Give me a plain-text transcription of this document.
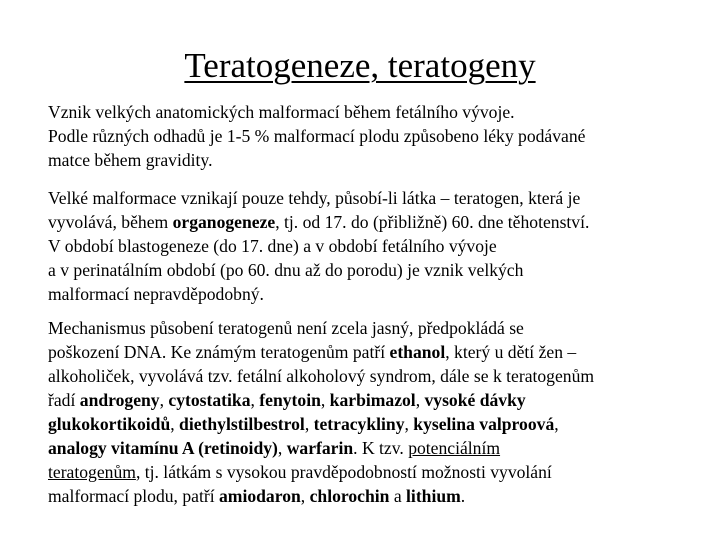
Teratogeneze, teratogeny
Vznik velkých anatomických malformací během fetálního vývoje.
Podle různých odhadů je 1-5 % malformací plodu způsobeno léky podávané
matce během gravidity.
Velké malformace vznikají pouze tehdy, působí-li látka – teratogen, která je
vyvolává, během organogeneze, tj. od 17. do (přibližně) 60. dne těhotenství.
V období blastogeneze (do 17. dne) a v období fetálního vývoje
a v perinatálním období (po 60. dnu až do porodu) je vznik velkých
malformací nepravděpodobný.
Mechanismus působení teratogenů není zcela jasný, předpokládá se
poškození DNA. Ke známým teratogenům patří ethanol, který u dětí žen –
alkoholiček, vyvolává tzv. fetální alkoholový syndrom, dále se k teratogenům
řadí androgeny, cytostatika, fenytoin, karbimazol, vysoké dávky
glukokortikoidů, diethylstilbestrol, tetracykliny, kyselina valproová,
analogy vitamínu A (retinoidy), warfarin. K tzv. potenciálním
teratogenům, tj. látkám s vysokou pravděpodobností možnosti vyvolání
malformací plodu, patří amiodaron, chlorochin a lithium.
